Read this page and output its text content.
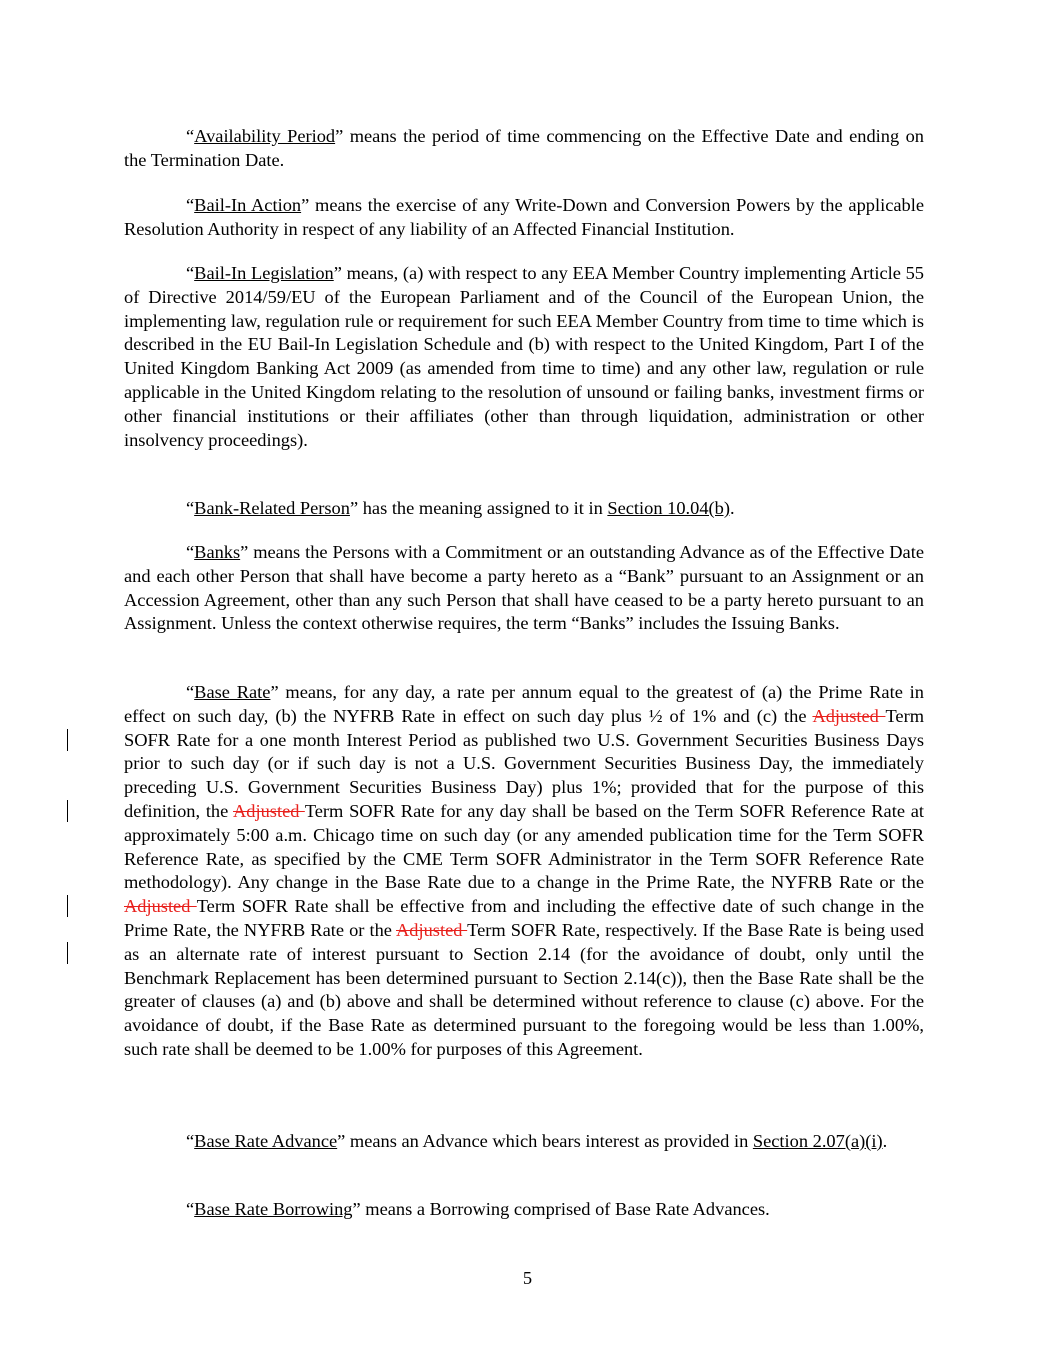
“Availability Period” means the period of time commencing on the Effective Date and ending on the Termination Date.

“Bail-In Action” means the exercise of any Write-Down and Conversion Powers by the applicable Resolution Authority in respect of any liability of an Affected Financial Institution.

“Bail-In Legislation” means, (a) with respect to any EEA Member Country implementing Article 55 of Directive 2014/59/EU of the European Parliament and of the Council of the European Union, the implementing law, regulation rule or requirement for such EEA Member Country from time to time which is described in the EU Bail-In Legislation Schedule and (b) with respect to the United Kingdom, Part I of the United Kingdom Banking Act 2009 (as amended from time to time) and any other law, regulation or rule applicable in the United Kingdom relating to the resolution of unsound or failing banks, investment firms or other financial institutions or their affiliates (other than through liquidation, administration or other insolvency proceedings).

“Bank-Related Person” has the meaning assigned to it in Section 10.04(b).

“Banks” means the Persons with a Commitment or an outstanding Advance as of the Effective Date and each other Person that shall have become a party hereto as a “Bank” pursuant to an Assignment or an Accession Agreement, other than any such Person that shall have ceased to be a party hereto pursuant to an Assignment. Unless the context otherwise requires, the term “Banks” includes the Issuing Banks.

“Base Rate” means, for any day, a rate per annum equal to the greatest of (a) the Prime Rate in effect on such day, (b) the NYFRB Rate in effect on such day plus ½ of 1% and (c) the Adjusted Term SOFR Rate for a one month Interest Period as published two U.S. Government Securities Business Days prior to such day (or if such day is not a U.S. Government Securities Business Day, the immediately preceding U.S. Government Securities Business Day) plus 1%; provided that for the purpose of this definition, the Adjusted Term SOFR Rate for any day shall be based on the Term SOFR Reference Rate at approximately 5:00 a.m. Chicago time on such day (or any amended publication time for the Term SOFR Reference Rate, as specified by the CME Term SOFR Administrator in the Term SOFR Reference Rate methodology). Any change in the Base Rate due to a change in the Prime Rate, the NYFRB Rate or the Adjusted Term SOFR Rate shall be effective from and including the effective date of such change in the Prime Rate, the NYFRB Rate or the Adjusted Term SOFR Rate, respectively. If the Base Rate is being used as an alternate rate of interest pursuant to Section 2.14 (for the avoidance of doubt, only until the Benchmark Replacement has been determined pursuant to Section 2.14(c)), then the Base Rate shall be the greater of clauses (a) and (b) above and shall be determined without reference to clause (c) above. For the avoidance of doubt, if the Base Rate as determined pursuant to the foregoing would be less than 1.00%, such rate shall be deemed to be 1.00% for purposes of this Agreement.

“Base Rate Advance” means an Advance which bears interest as provided in Section 2.07(a)(i).

“Base Rate Borrowing” means a Borrowing comprised of Base Rate Advances.

5
